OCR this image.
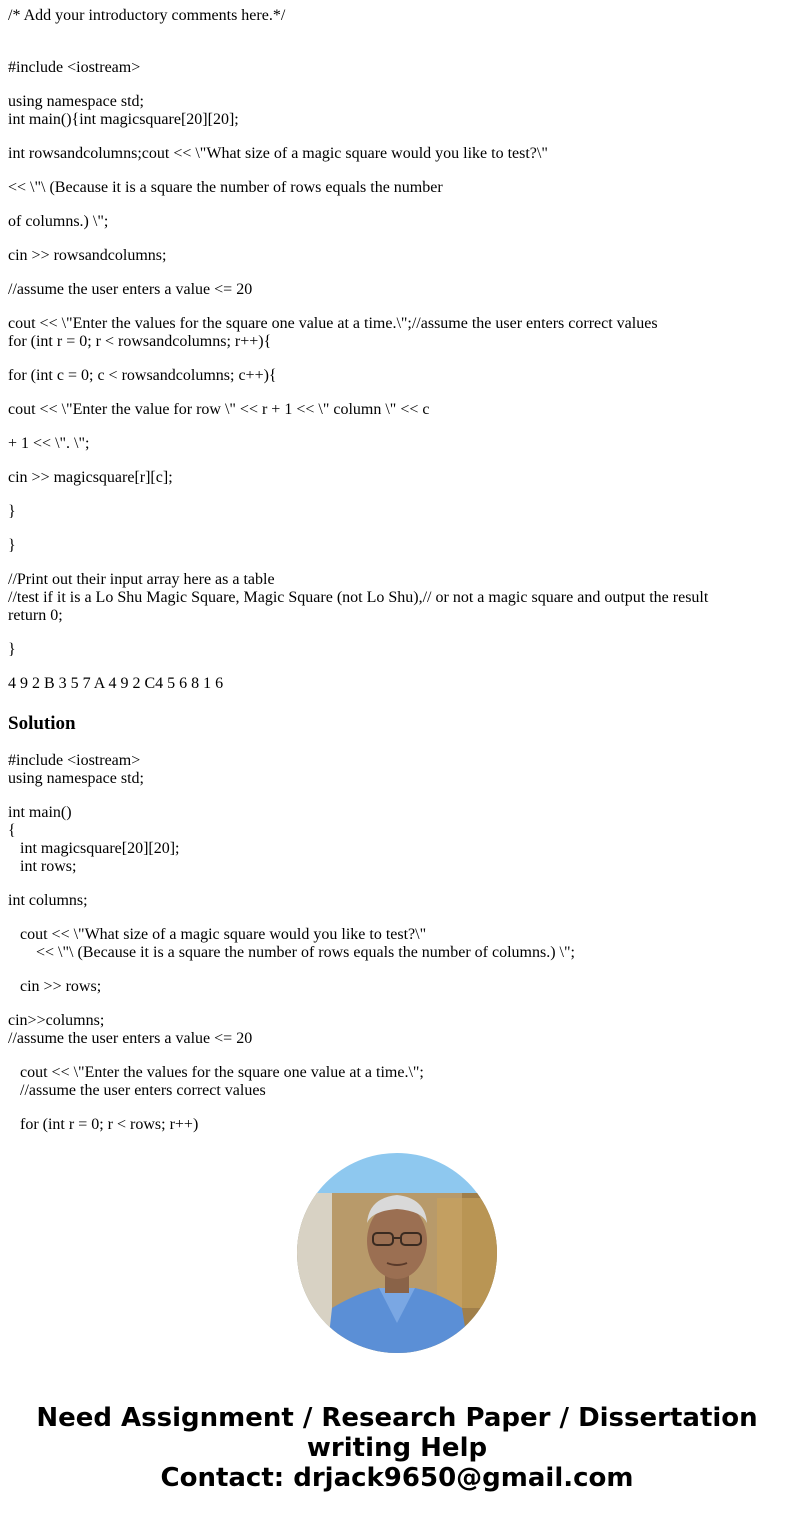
/* Add your introductory comments here.*/

#include <iostream>

using namespace std;

int main(){int magicsquare[20][20];

int rowsandcolumns;cout << \"What size of a magic square would you like to test?\"

<< \"\ (Because it is a square the number of rows equals the number

of columns.) \";

cin >> rowsandcolumns;

//assume the user enters a value <= 20

cout << \"Enter the values for the square one value at a time.\";//assume the user enters correct values

for (int r = 0; r < rowsandcolumns; r++){

for (int c = 0; c < rowsandcolumns; c++){

cout << \"Enter the value for row \" << r + 1 << \" column \" << c

+ 1 << \". \";

cin >> magicsquare[r][c];

}

}

//Print out their input array here as a table

//test if it is a Lo Shu Magic Square, Magic Square (not Lo Shu),// or not a magic square and output the result

return 0;

}

4 9 2 B 3 5 7 A 4 9 2 C4 5 6 8 1 6

Solution

#include <iostream>

using namespace std;

int main()

{

int magicsquare[20][20];

int rows;

int columns;

cout << \"What size of a magic square would you like to test?\"

<< \"\ (Because it is a square the number of rows equals the number of columns.) \";

cin >> rows;

cin>>columns;

//assume the user enters a value <= 20

cout << \"Enter the values for the square one value at a time.\";

//assume the user enters correct values

for (int r = 0; r < rows; r++)

Need Assignment / Research Paper / Dissertation
writing Help
Contact: drjack9650@gmail.com
